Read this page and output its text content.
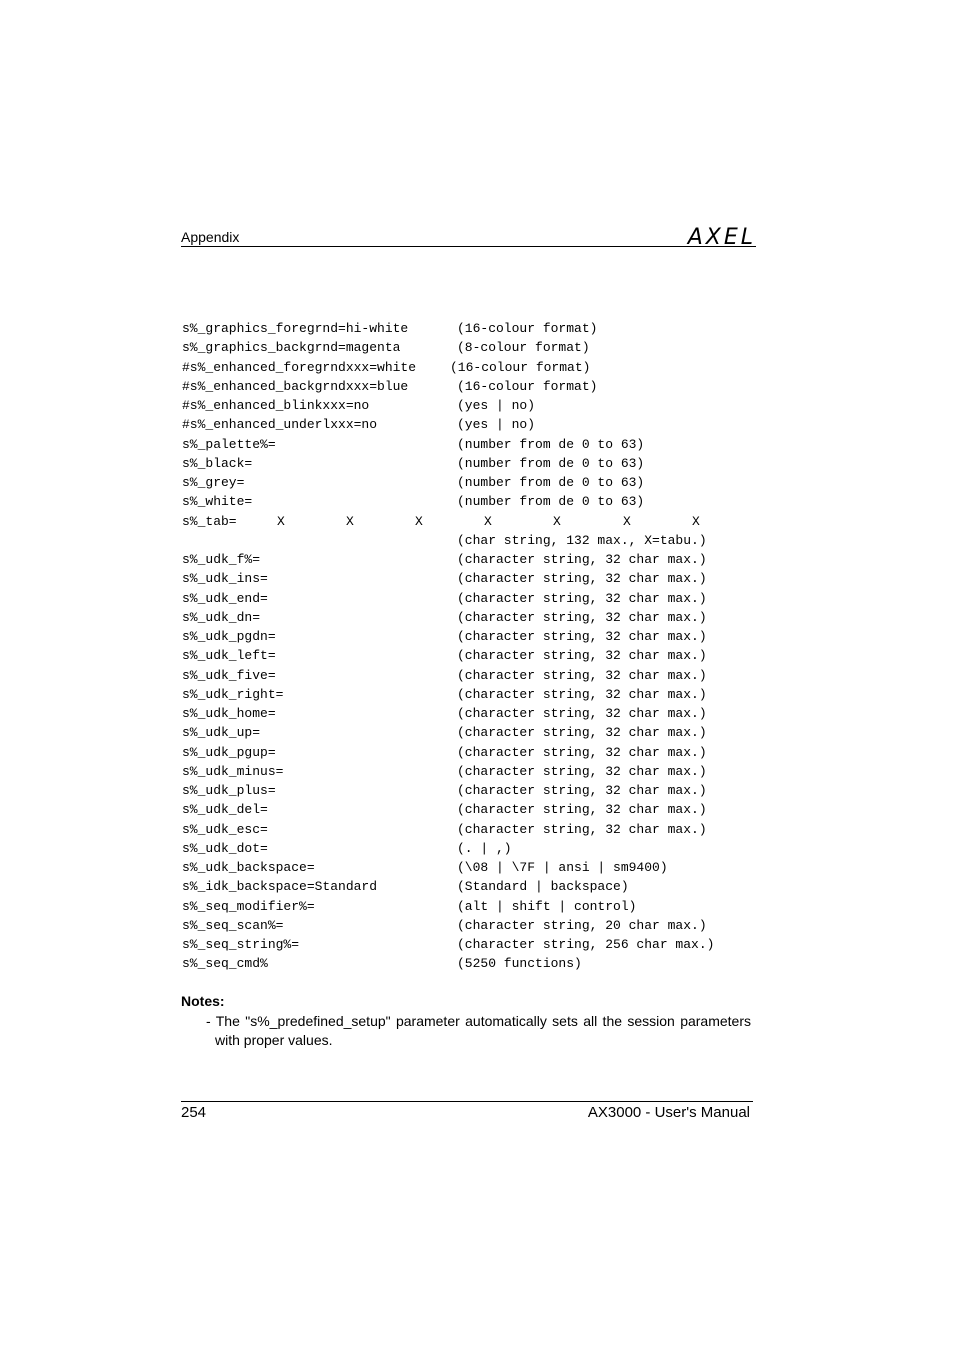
Appendix	AXEL
s%_graphics_foregrnd=hi-white	(16-colour format)
s%_graphics_backgrnd=magenta	(8-colour format)
#s%_enhanced_foregrndxxx=white	(16-colour format)
#s%_enhanced_backgrndxxx=blue	(16-colour format)
#s%_enhanced_blinkxxx=no	(yes | no)
#s%_enhanced_underlxxx=no	(yes | no)
s%_palette%=	(number from de 0 to 63)
s%_black=	(number from de 0 to 63)
s%_grey=	(number from de 0 to 63)
s%_white=	(number from de 0 to 63)
s%_tab=	X	X	X	X	X	X	X
(char string, 132 max., X=tabu.)
s%_udk_f%=	(character string, 32 char max.)
s%_udk_ins=	(character string, 32 char max.)
s%_udk_end=	(character string, 32 char max.)
s%_udk_dn=	(character string, 32 char max.)
s%_udk_pgdn=	(character string, 32 char max.)
s%_udk_left=	(character string, 32 char max.)
s%_udk_five=	(character string, 32 char max.)
s%_udk_right=	(character string, 32 char max.)
s%_udk_home=	(character string, 32 char max.)
s%_udk_up=	(character string, 32 char max.)
s%_udk_pgup=	(character string, 32 char max.)
s%_udk_minus=	(character string, 32 char max.)
s%_udk_plus=	(character string, 32 char max.)
s%_udk_del=	(character string, 32 char max.)
s%_udk_esc=	(character string, 32 char max.)
s%_udk_dot=	(. | ,)
s%_udk_backspace=	(\08 | \7F | ansi | sm9400)
s%_idk_backspace=Standard	(Standard | backspace)
s%_seq_modifier%=	(alt | shift | control)
s%_seq_scan%=	(character string, 20 char max.)
s%_seq_string%=	(character string, 256 char max.)
s%_seq_cmd%	(5250 functions)
Notes:
- The "s%_predefined_setup" parameter automatically sets all the session parameters with proper values.
254	AX3000 - User's Manual
